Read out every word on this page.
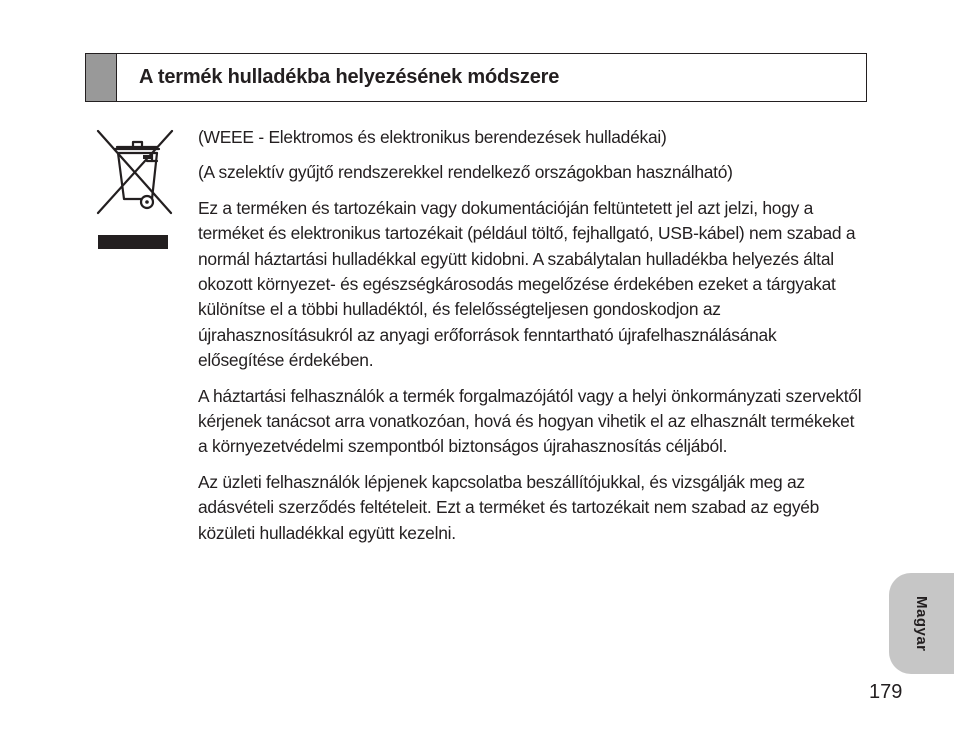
A termék hulladékba helyezésének módszere

(WEEE - Elektromos és elektronikus berendezések hulladékai)

(A szelektív gyűjtő rendszerekkel rendelkező országokban használható)

Ez a terméken és tartozékain vagy dokumentációján feltüntetett jel azt jelzi, hogy a terméket és elektronikus tartozékait (például töltő, fejhallgató, USB-kábel) nem szabad a normál háztartási hulladékkal együtt kidobni. A szabálytalan hulladékba helyezés által okozott környezet- és egészségkárosodás megelőzése érdekében ezeket a tárgyakat különítse el a többi hulladéktól, és felelősségteljesen gondoskodjon az újrahasznosításukról az anyagi erőforrások fenntartható újrafelhasználásának elősegítése érdekében.

A háztartási felhasználók a termék forgalmazójától vagy a helyi önkormányzati szervektől kérjenek tanácsot arra vonatkozóan, hová és hogyan vihetik el az elhasznált termékeket a környezetvédelmi szempontból biztonságos újrahasznosítás céljából.

Az üzleti felhasználók lépjenek kapcsolatba beszállítójukkal, és vizsgálják meg az adásvételi szerződés feltételeit. Ezt a terméket és tartozékait nem szabad az egyéb közületi hulladékkal együtt kezelni.

Magyar
179
